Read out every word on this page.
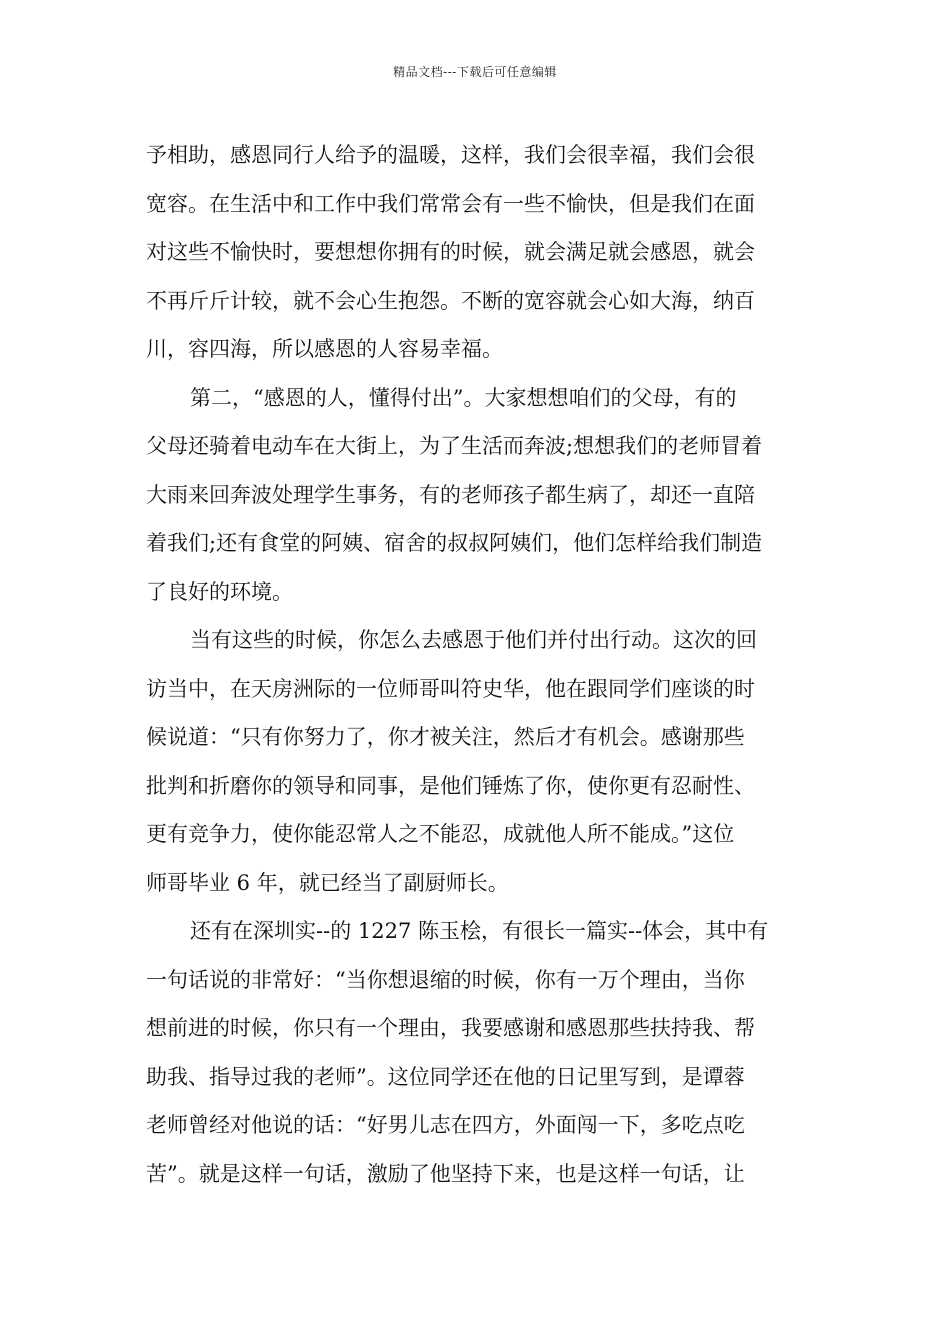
精品文档---下载后可任意编辑
予相助，感恩同行人给予的温暖，这样，我们会很幸福，我们会很
宽容。在生活中和工作中我们常常会有一些不愉快，但是我们在面
对这些不愉快时，要想想你拥有的时候，就会满足就会感恩，就会
不再斤斤计较，就不会心生抱怨。不断的宽容就会心如大海，纳百
川，容四海，所以感恩的人容易幸福。
第二，“感恩的人，懂得付出”。大家想想咱们的父母，有的
父母还骑着电动车在大街上，为了生活而奔波;想想我们的老师冒着
大雨来回奔波处理学生事务，有的老师孩子都生病了，却还一直陪
着我们;还有食堂的阿姨、宿舍的叔叔阿姨们，他们怎样给我们制造
了良好的环境。
当有这些的时候，你怎么去感恩于他们并付出行动。这次的回
访当中，在天房洲际的一位师哥叫符史华，他在跟同学们座谈的时
候说道：“只有你努力了，你才被关注，然后才有机会。感谢那些
批判和折磨你的领导和同事，是他们锤炼了你，使你更有忍耐性、
更有竞争力，使你能忍常人之不能忍，成就他人所不能成。”这位
师哥毕业 6 年，就已经当了副厨师长。
还有在深圳实--的 1227 陈玉桧，有很长一篇实--体会，其中有
一句话说的非常好：“当你想退缩的时候，你有一万个理由，当你
想前进的时候，你只有一个理由，我要感谢和感恩那些扶持我、帮
助我、指导过我的老师”。这位同学还在他的日记里写到，是谭蓉
老师曾经对他说的话：“好男儿志在四方，外面闯一下，多吃点吃
苦”。就是这样一句话，激励了他坚持下来，也是这样一句话，让
